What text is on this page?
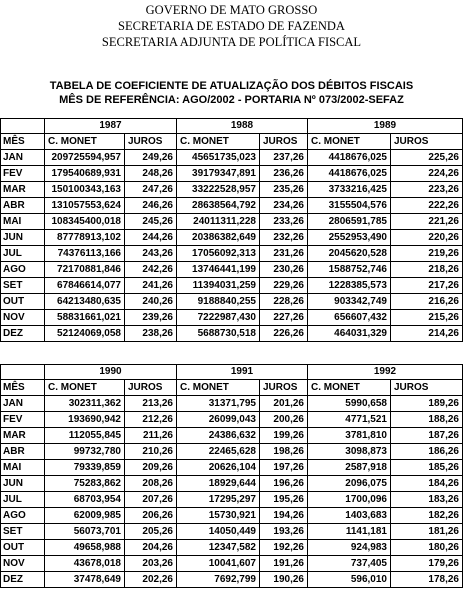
GOVERNO DE MATO GROSSO
SECRETARIA DE ESTADO DE FAZENDA
SECRETARIA ADJUNTA DE POLÍTICA FISCAL
TABELA DE COEFICIENTE DE ATUALIZAÇÃO DOS DÉBITOS FISCAIS
MÊS DE REFERÊNCIA: AGO/2002 - PORTARIA Nº 073/2002-SEFAZ
	1987		1988		1989	
MÊS	C. MONET	JUROS	C. MONET	JUROS	C. MONET	JUROS
JAN	209725594,957	249,26	45651735,023	237,26	4418676,025	225,26
FEV	179540689,931	248,26	39179347,891	236,26	4418676,025	224,26
MAR	150100343,163	247,26	33222528,957	235,26	3733216,425	223,26
ABR	131057553,624	246,26	28638564,792	234,26	3155504,576	222,26
MAI	108345400,018	245,26	24011311,228	233,26	2806591,785	221,26
JUN	87778913,102	244,26	20386382,649	232,26	2552953,490	220,26
JUL	74376113,166	243,26	17056092,313	231,26	2045620,528	219,26
AGO	72170881,846	242,26	13746441,199	230,26	1588752,746	218,26
SET	67846614,077	241,26	11394031,259	229,26	1228385,573	217,26
OUT	64213480,635	240,26	9188840,255	228,26	903342,749	216,26
NOV	58831661,021	239,26	7222987,430	227,26	656607,432	215,26
DEZ	52124069,058	238,26	5688730,518	226,26	464031,329	214,26
	1990		1991		1992	
MÊS	C. MONET	JUROS	C. MONET	JUROS	C. MONET	JUROS
JAN	302311,362	213,26	31371,795	201,26	5990,658	189,26
FEV	193690,942	212,26	26099,043	200,26	4771,521	188,26
MAR	112055,845	211,26	24386,632	199,26	3781,810	187,26
ABR	99732,780	210,26	22465,628	198,26	3098,873	186,26
MAI	79339,859	209,26	20626,104	197,26	2587,918	185,26
JUN	75283,862	208,26	18929,644	196,26	2096,075	184,26
JUL	68703,954	207,26	17295,297	195,26	1700,096	183,26
AGO	62009,985	206,26	15730,921	194,26	1403,683	182,26
SET	56073,701	205,26	14050,449	193,26	1141,181	181,26
OUT	49658,988	204,26	12347,582	192,26	924,983	180,26
NOV	43678,018	203,26	10041,607	191,26	737,405	179,26
DEZ	37478,649	202,26	7692,799	190,26	596,010	178,26
